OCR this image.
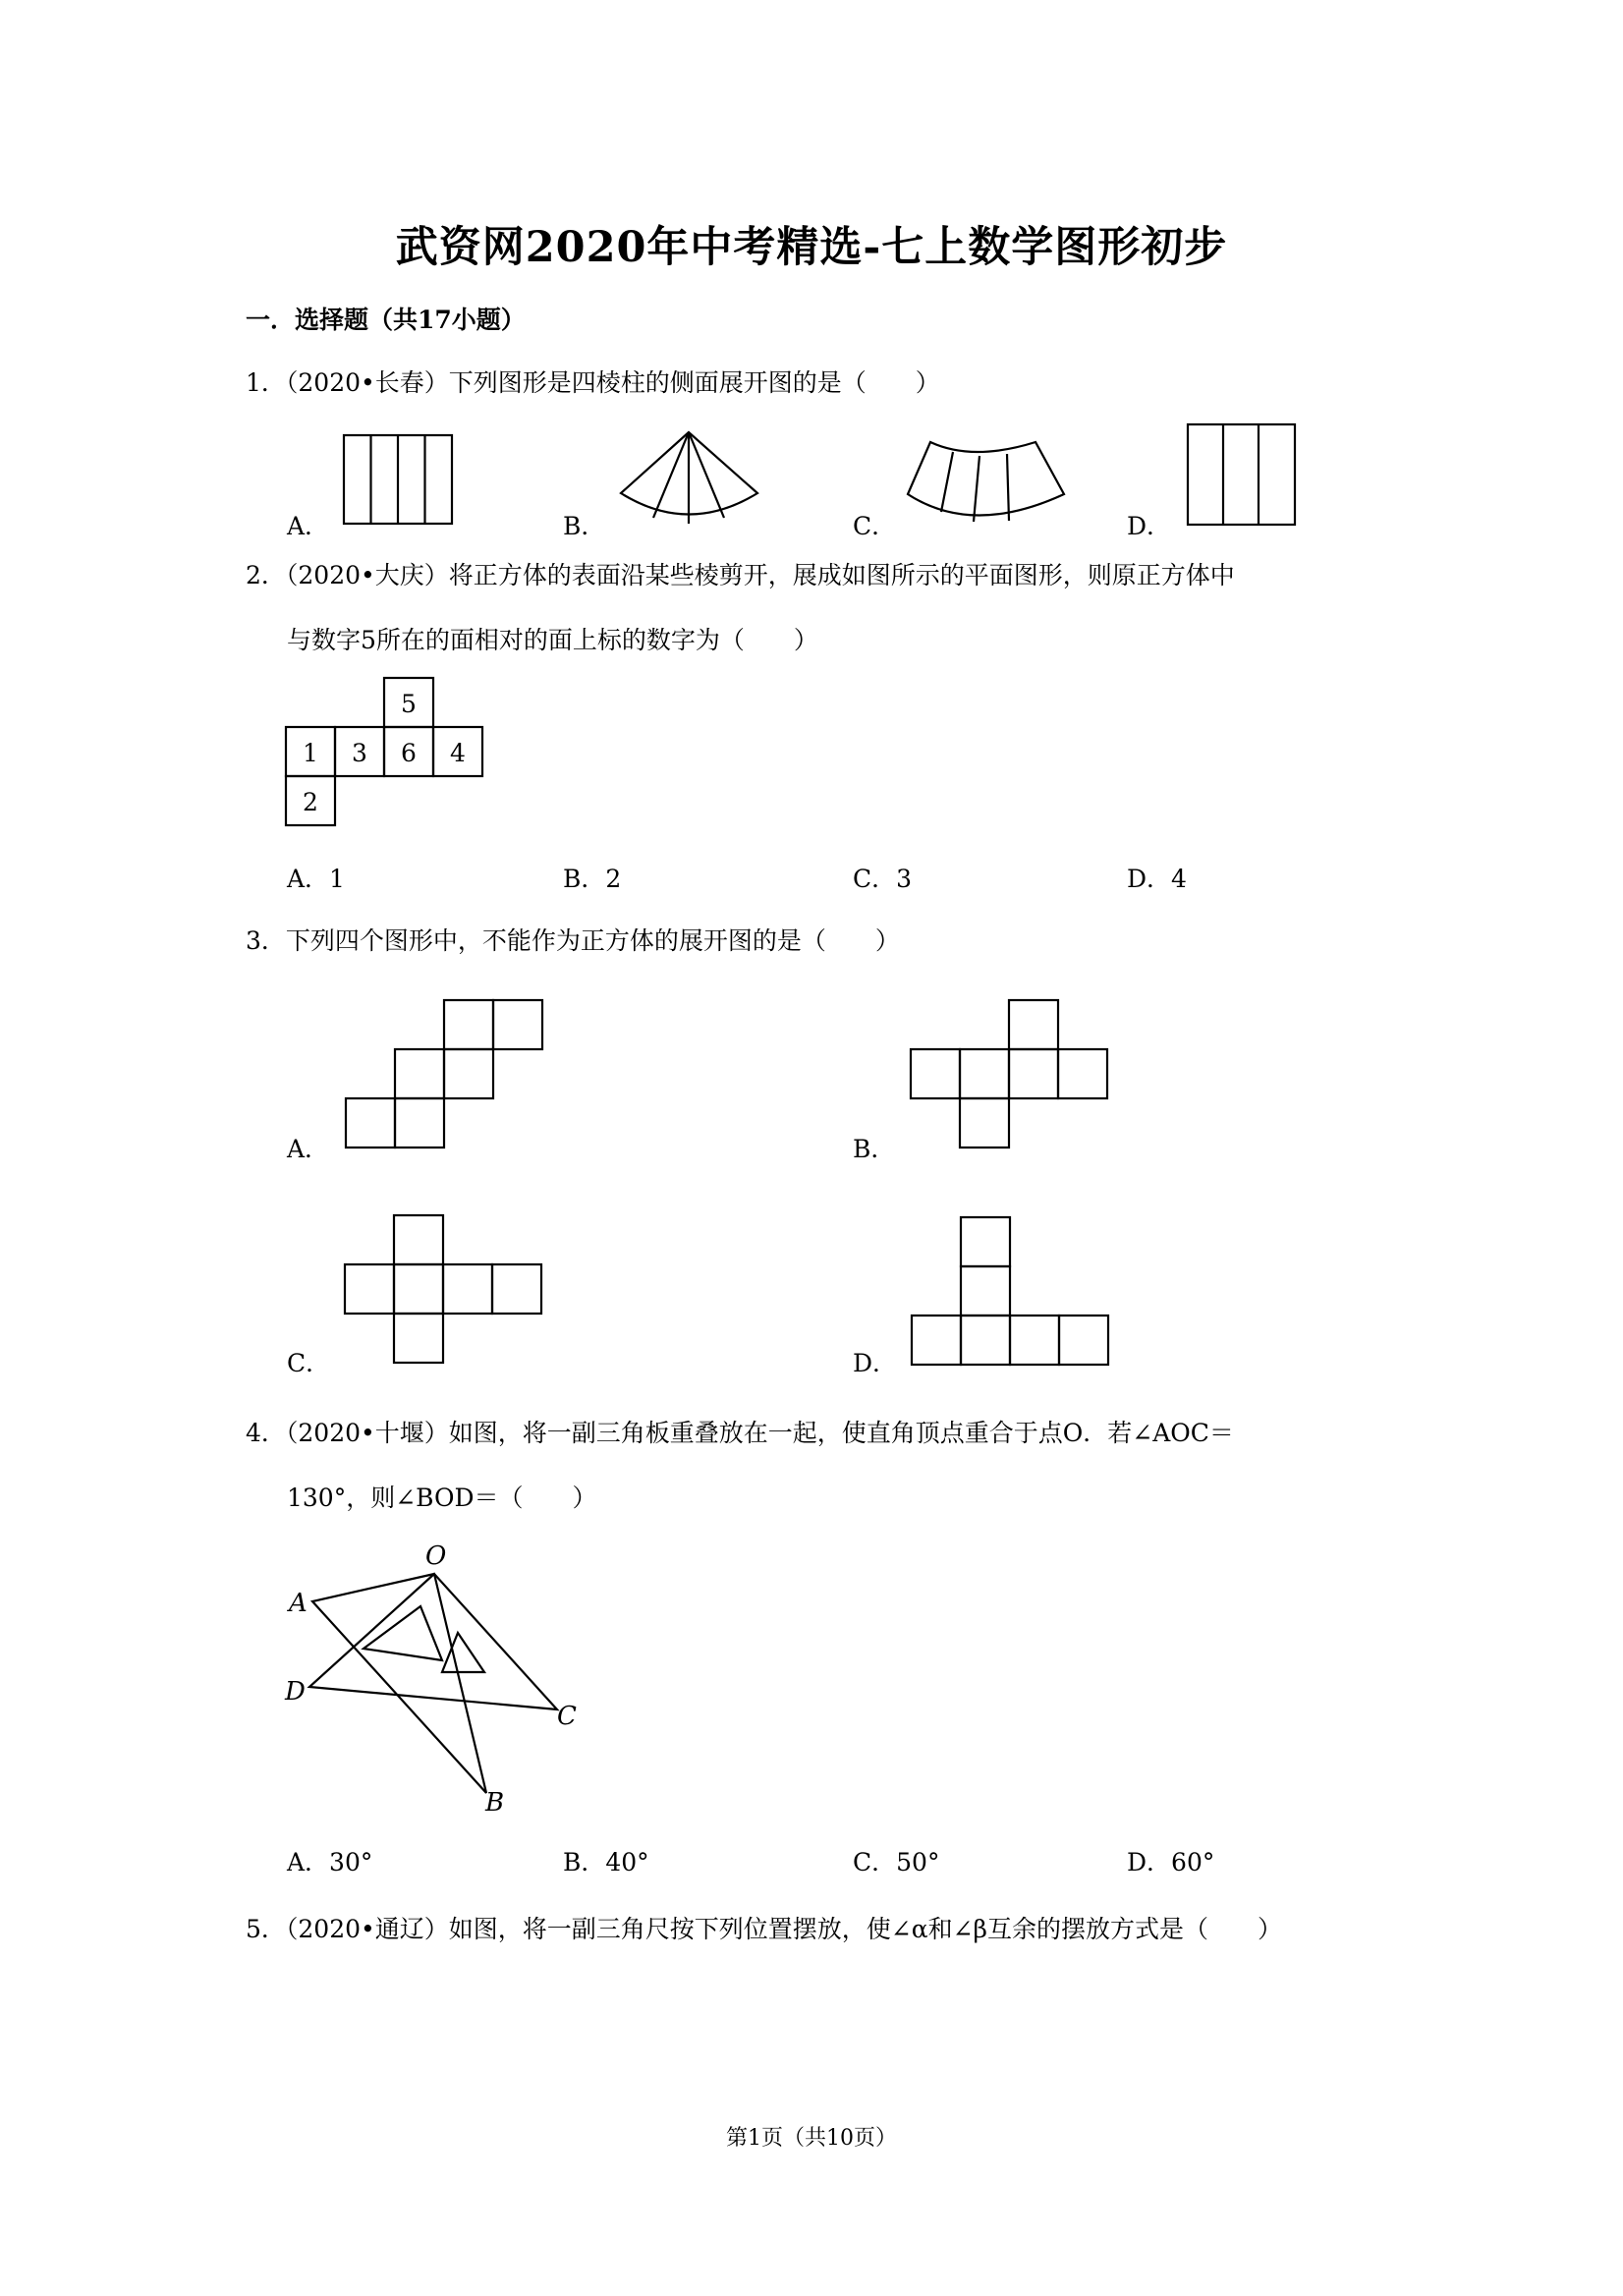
武资网2020年中考精选-七上数学图形初步
一．选择题（共17小题）
1．（2020•长春）下列图形是四棱柱的侧面展开图的是（　　）
A．	B．	C．	D．
2．（2020•大庆）将正方体的表面沿某些棱剪开，展成如图所示的平面图形，则原正方体中
与数字5所在的面相对的面上标的数字为（　　）
5
1 3 6 4
2
A．1	B．2	C．3	D．4
3．下列四个图形中，不能作为正方体的展开图的是（　　）
A．	B．
C．	D．
4．（2020•十堰）如图，将一副三角板重叠放在一起，使直角顶点重合于点O．若∠AOC＝
130°，则∠BOD＝（　　）
O
A
D
C
B
A．30°	B．40°	C．50°	D．60°
5．（2020•通辽）如图，将一副三角尺按下列位置摆放，使∠α和∠β互余的摆放方式是（　　）
第1页（共10页）
